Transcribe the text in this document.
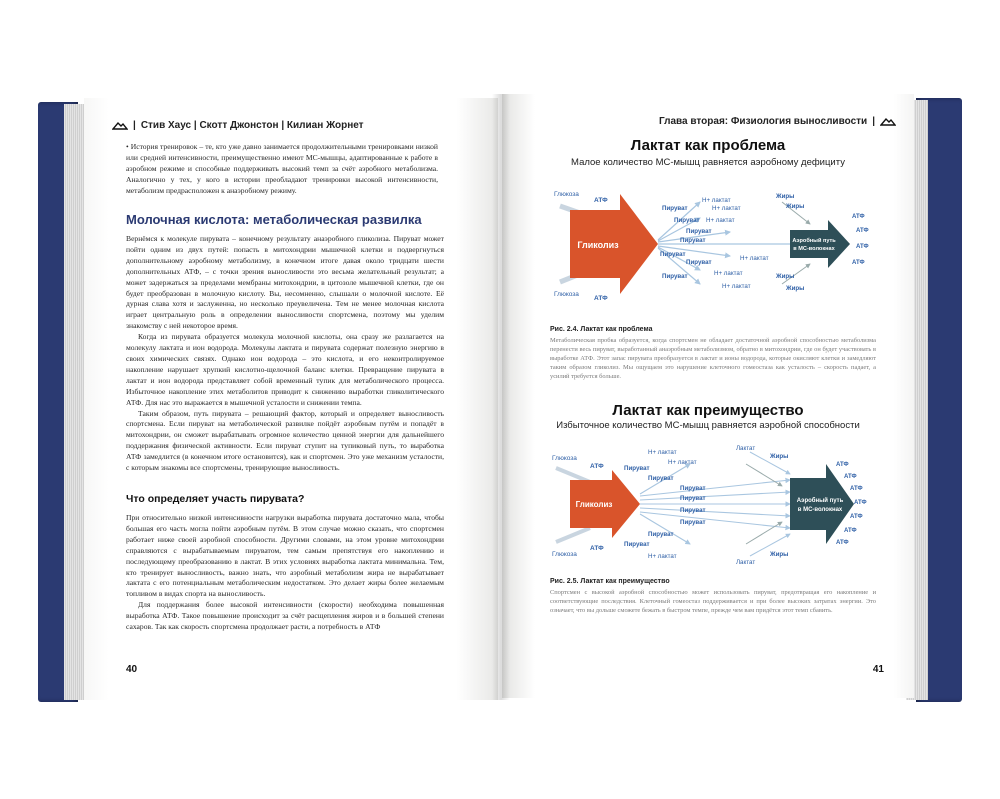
| Стив Хаус | Скотт Джонстон | Килиан Жорнет
• История тренировок – те, кто уже давно занимается продолжительными тренировками низкой или средней интенсивности, преимущественно имеют МС-мышцы, адаптированные к работе в аэробном режиме и способные поддерживать высокий темп за счёт аэробного метаболизма. Аналогично у тех, у кого в истории преобладают тренировки высокой интенсивности, метаболизм предрасположен к анаэробному режиму.
Молочная кислота: метаболическая развилка

Вернёмся к молекуле пирувата – конечному результату анаэробного гликолиза. Пируват может пойти одним из двух путей: попасть в митохондрии мышечной клетки и подвергнуться дополнительному аэробному метаболизму, в конечном итоге давая около тридцати шести дополнительных АТФ, – с точки зрения выносливости это весьма желательный результат; а может задержаться за пределами мембраны митохондрии, в цитозоле мышечной клетки, где он будет преобразован в молочную кислоту. Вы, несомненно, слышали о молочной кислоте. Её дурная слава хотя и заслуженна, но несколько преувеличена. Тем не менее молочная кислота играет центральную роль в определении выносливости спортсмена, поэтому мы уделим знакомству с ней некоторое время.

Когда из пирувата образуется молекула молочной кислоты, она сразу же разлагается на молекулу лактата и ион водорода. Молекулы лактата и пирувата содержат полезную энергию в своих химических связях. Однако ион водорода – это кислота, и его неконтролируемое накопление нарушает хрупкий кислотно-щелочной баланс клетки. Превращение пирувата в лактат и ион водорода представляет собой временный тупик для метаболического процесса. Избыточное накопление этих метаболитов приводит к снижению выработки гликолитического АТФ. Для нас это выражается в мышечной усталости и снижении темпа.

Таким образом, путь пирувата – решающий фактор, который и определяет выносливость спортсмена. Если пируват на метаболической развилке пойдёт аэробным путём и попадёт в митохондрии, он сможет вырабатывать огромное количество ценной энергии для дальнейшего поддержания физической активности. Если пируват ступит на тупиковый путь, то выработка АТФ замедлится (в конечном итоге остановится), как и спортсмен. Это уже механизм усталости, с которым знакомы все спортсмены, тренирующие выносливость.

Что определяет участь пирувата?

При относительно низкой интенсивности нагрузки выработка пирувата достаточно мала, чтобы большая его часть могла пойти аэробным путём. В этом случае можно сказать, что спортсмен работает ниже своей аэробной способности. Другими словами, на этом уровне митохондрии справляются с вырабатываемым пируватом, тем самым препятствуя его накоплению и последующему преобразованию в лактат. В этих условиях выработка лактата минимальна. Тем, кто тренирует выносливость, важно знать, что аэробный метаболизм жира не вырабатывает лактата с его потенциальным метаболическим недостатком. Это делает жиры более желаемым топливом в видах спорта на выносливость.

Для поддержания более высокой интенсивности (скорости) необходима повышенная выработка АТФ. Такое повышение происходит за счёт расщепления жиров и в большей степени сахаров. Так как скорость спортсмена продолжает расти, а потребность в АТФ

40
Глава вторая: Физиология выносливости |
Лактат как проблема
Малое количество МС-мышц равняется аэробному дефициту
Гликолиз
Глюкоза
Глюкоза
АТФ
АТФ
Пируват
Пируват
Пируват
Пируват
Пируват
Пируват
Пируват
Н+ лактат
Н+ лактат
Н+ лактат
Н+ лактат
Н+ лактат
Н+ лактат
Жиры
Жиры
Жиры
Жиры
Аэробный путь
в МС-волокнах
АТФ
АТФ
АТФ
АТФ
Рис. 2.4. Лактат как проблема
Метаболическая пробка образуется, когда спортсмен не обладает достаточной аэробной способностью метаболизма перенести весь пируват, выработанный анаэробным метаболизмом, обратно в митохондрии, где он будет участвовать в выработке АТФ. Этот запас пирувата преобразуется в лактат и ионы водорода, которые окисляют клетки и замедляют таким образом гликолиз. Мы ощущаем это нарушение клеточного гомеостаза как усталость – скорость падает, а усилий требуется больше.
Лактат как преимущество
Избыточное количество МС-мышц равняется аэробной способности
Гликолиз
Глюкоза
Глюкоза
АТФ
АТФ
Лактат
Лактат
Н+ лактат
Н+ лактат
Н+ лактат
Пируват
Пируват
Пируват
Пируват
Пируват
Пируват
Пируват
Пируват
Жиры
Жиры
Аэробный путь
в МС-волокнах
АТФ
АТФ
АТФ
АТФ
АТФ
АТФ
АТФ
Рис. 2.5. Лактат как преимущество
Спортсмен с высокой аэробной способностью может использовать пируват, предотвращая его накопление и соответствующие последствия. Клеточный гомеостаз поддерживается и при более высоких затратах энергии. Это означает, что вы дольше сможете бежать в быстром темпе, прежде чем вам придётся этот темп сбавить.
41
